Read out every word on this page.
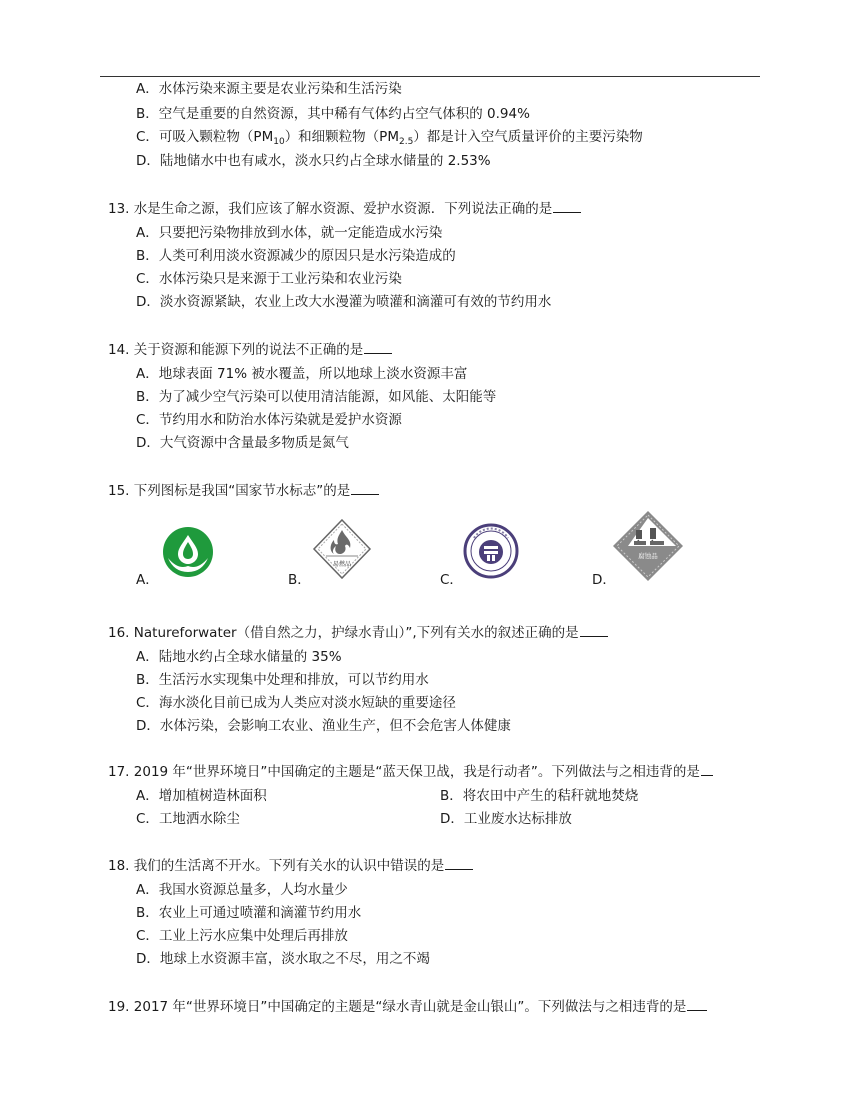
A．水体污染来源主要是农业污染和生活污染
B．空气是重要的自然资源，其中稀有气体约占空气体积的 0.94%
C．可吸入颗粒物$(PM_{10})$和细颗粒物$(PM_{2.5})$都是计入空气质量评价的主要污染物
D．陆地储水中也有咸水，淡水只约占全球水储量的 2.53%
13. 水是生命之源，我们应该了解水资源、爱护水资源．下列说法正确的是
A．只要把污染物排放到水体，就一定能造成水污染
B．人类可利用淡水资源减少的原因只是水污染造成的
C．水体污染只是来源于工业污染和农业污染
D．淡水资源紧缺，农业上改大水漫灌为喷灌和滴灌可有效的节约用水
14. 关于资源和能源下列的说法不正确的是
A．地球表面 71% 被水覆盖，所以地球上淡水资源丰富
B．为了减少空气污染可以使用清洁能源，如风能、太阳能等
C．节约用水和防治水体污染就是爱护水资源
D．大气资源中含量最多物质是氮气
15. 下列图标是我国“国家节水标志”的是
A．	B．
易燃品
C．	D．
腐蚀品
16. Natureforwater（借自然之力，护绿水青山）”,下列有关水的叙述正确的是
A．陆地水约占全球水储量的 35%
B．生活污水实现集中处理和排放，可以节约用水
C．海水淡化目前已成为人类应对淡水短缺的重要途径
D．水体污染，会影响工农业、渔业生产，但不会危害人体健康
17. 2019 年“世界环境日”中国确定的主题是“蓝天保卫战，我是行动者”。下列做法与之相违背的是
A．增加植树造林面积	B．将农田中产生的秸秆就地焚烧
C．工地洒水除尘	D．工业废水达标排放
18. 我们的生活离不开水。下列有关水的认识中错误的是
A．我国水资源总量多，人均水量少
B．农业上可通过喷灌和滴灌节约用水
C．工业上污水应集中处理后再排放
D．地球上水资源丰富，淡水取之不尽，用之不竭
19. 2017 年“世界环境日”中国确定的主题是“绿水青山就是金山银山”。下列做法与之相违背的是
